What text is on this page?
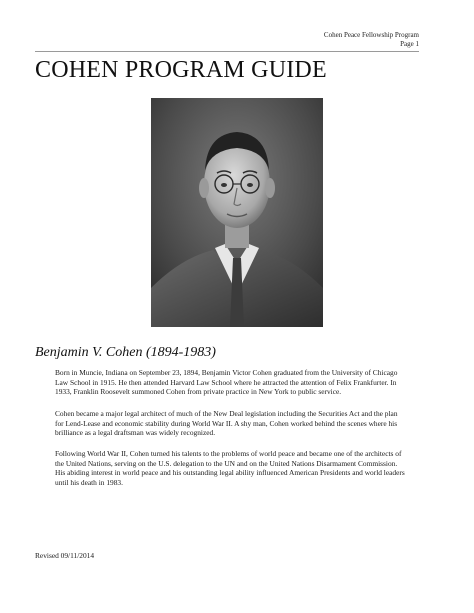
Cohen Peace Fellowship Program
Page 1
COHEN PROGRAM GUIDE
Benjamin V. Cohen (1894-1983)

Born in Muncie, Indiana on September 23, 1894, Benjamin Victor Cohen graduated from the University of Chicago Law School in 1915. He then attended Harvard Law School where he attracted the attention of Felix Frankfurter. In 1933, Franklin Roosevelt summoned Cohen from private practice in New York to public service.

Cohen became a major legal architect of much of the New Deal legislation including the Securities Act and the plan for Lend-Lease and economic stability during World War II. A shy man, Cohen worked behind the scenes where his brilliance as a legal draftsman was widely recognized.

Following World War II, Cohen turned his talents to the problems of world peace and became one of the architects of the United Nations, serving on the U.S. delegation to the UN and on the United Nations Disarmament Commission. His abiding interest in world peace and his outstanding legal ability influenced American Presidents and world leaders until his death in 1983.

Revised 09/11/2014
